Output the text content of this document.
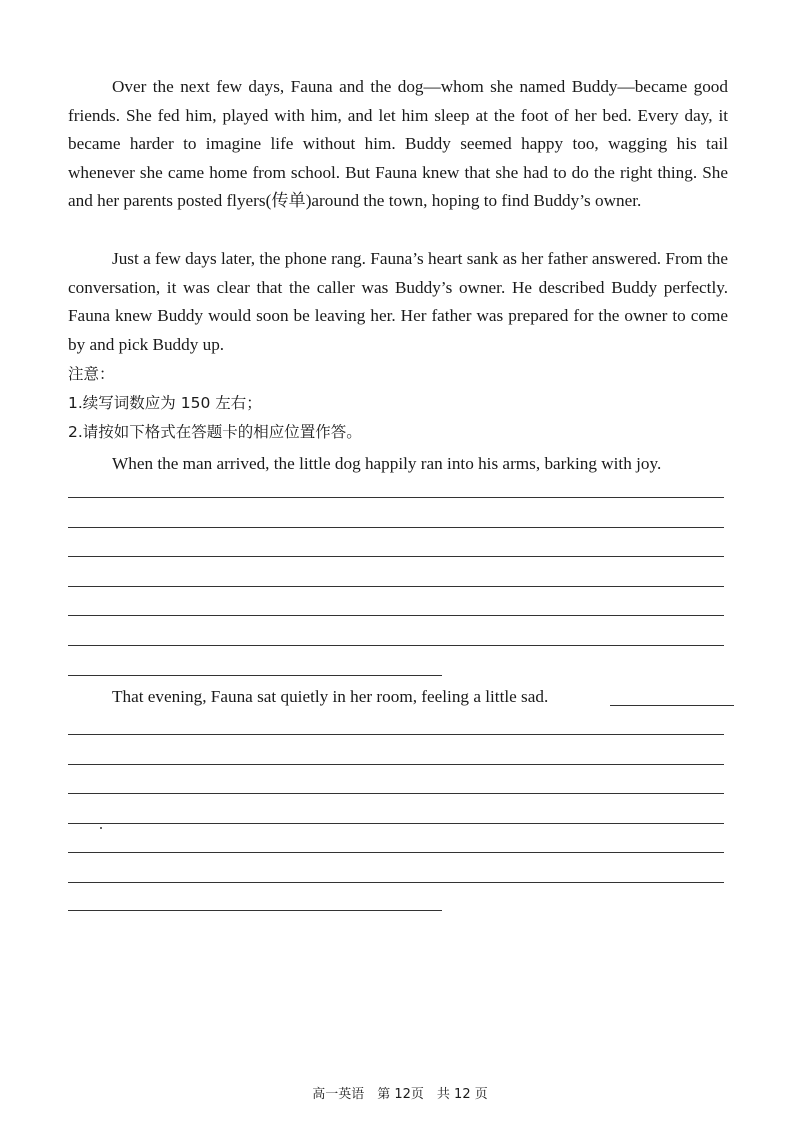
Over the next few days, Fauna and the dog—whom she named Buddy—became good friends. She fed him, played with him, and let him sleep at the foot of her bed. Every day, it became harder to imagine life without him. Buddy seemed happy too, wagging his tail whenever she came home from school. But Fauna knew that she had to do the right thing. She and her parents posted flyers(传单)around the town, hoping to find Buddy’s owner.

Just a few days later, the phone rang. Fauna’s heart sank as her father answered. From the conversation, it was clear that the caller was Buddy’s owner. He described Buddy perfectly. Fauna knew Buddy would soon be leaving her. Her father was prepared for the owner to come by and pick Buddy up.

注意：
1.续写词数应为 150 左右；
2.请按如下格式在答题卡的相应位置作答。
When the man arrived, the little dog happily ran into his arms, barking with joy.
That evening, Fauna sat quietly in her room, feeling a little sad.
高一英语　第 12页　共 12 页
